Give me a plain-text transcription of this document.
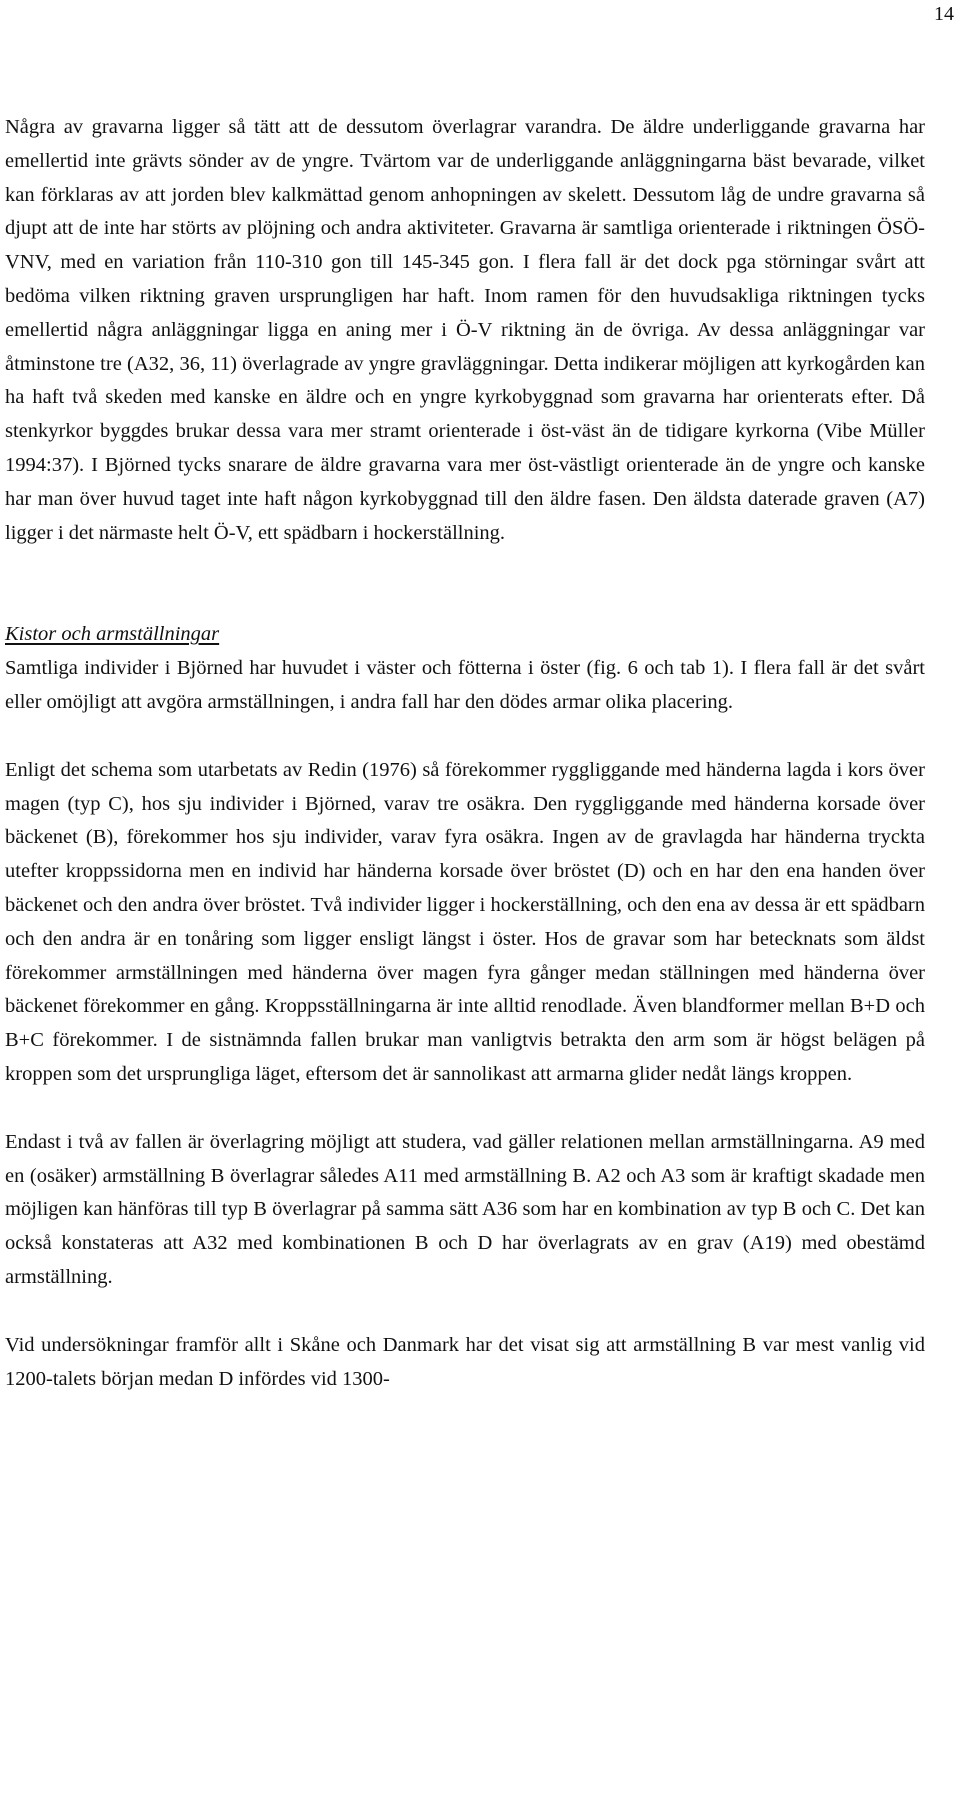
14

Några av gravarna ligger så tätt att de dessutom överlagrar varandra. De äldre underliggande gravarna har emellertid inte grävts sönder av de yngre. Tvärtom var de underliggande anläggningarna bäst bevarade, vilket kan förklaras av att jorden blev kalkmättad genom anhopningen av skelett. Dessutom låg de undre gravarna så djupt att de inte har störts av plöjning och andra aktiviteter. Gravarna är samtliga orienterade i riktningen ÖSÖ-VNV, med en variation från 110-310 gon till 145-345 gon. I flera fall är det dock pga störningar svårt att bedöma vilken riktning graven ursprungligen har haft. Inom ramen för den huvudsakliga riktningen tycks emellertid några anläggningar ligga en aning mer i Ö-V riktning än de övriga. Av dessa anläggningar var åtminstone tre (A32, 36, 11) överlagrade av yngre gravläggningar. Detta indikerar möjligen att kyrkogården kan ha haft två skeden med kanske en äldre och en yngre kyrkobyggnad som gravarna har orienterats efter. Då stenkyrkor byggdes brukar dessa vara mer stramt orienterade i öst-väst än de tidigare kyrkorna (Vibe Müller 1994:37). I Björned tycks snarare de äldre gravarna vara mer öst-västligt orienterade än de yngre och kanske har man över huvud taget inte haft någon kyrkobyggnad till den äldre fasen. Den äldsta daterade graven (A7) ligger i det närmaste helt Ö-V, ett spädbarn i hockerställning.

Kistor och armställningar

Samtliga individer i Björned har huvudet i väster och fötterna i öster (fig. 6 och tab 1). I flera fall är det svårt eller omöjligt att avgöra armställningen, i andra fall har den dödes armar olika placering.

Enligt det schema som utarbetats av Redin (1976) så förekommer ryggliggande med händerna lagda i kors över magen (typ C), hos sju individer i Björned, varav tre osäkra. Den ryggliggande med händerna korsade över bäckenet (B), förekommer hos sju individer, varav fyra osäkra. Ingen av de gravlagda har händerna tryckta utefter kroppssidorna men en individ har händerna korsade över bröstet (D) och en har den ena handen över bäckenet och den andra över bröstet. Två individer ligger i hockerställning, och den ena av dessa är ett spädbarn och den andra är en tonåring som ligger ensligt längst i öster. Hos de gravar som har betecknats som äldst förekommer armställningen med händerna över magen fyra gånger medan ställningen med händerna över bäckenet förekommer en gång. Kroppsställningarna är inte alltid renodlade. Även blandformer mellan B+D och B+C förekommer. I de sistnämnda fallen brukar man vanligtvis betrakta den arm som är högst belägen på kroppen som det ursprungliga läget, eftersom det är sannolikast att armarna glider nedåt längs kroppen.

Endast i två av fallen är överlagring möjligt att studera, vad gäller relationen mellan armställningarna. A9 med en (osäker) armställning B överlagrar således A11 med armställning B. A2 och A3 som är kraftigt skadade men möjligen kan hänföras till typ B överlagrar på samma sätt A36 som har en kombination av typ B och C. Det kan också konstateras att A32 med kombinationen B och D har överlagrats av en grav (A19) med obestämd armställning.

Vid undersökningar framför allt i Skåne och Danmark har det visat sig att armställning B var mest vanlig vid 1200-talets början medan D infördes vid 1300-
